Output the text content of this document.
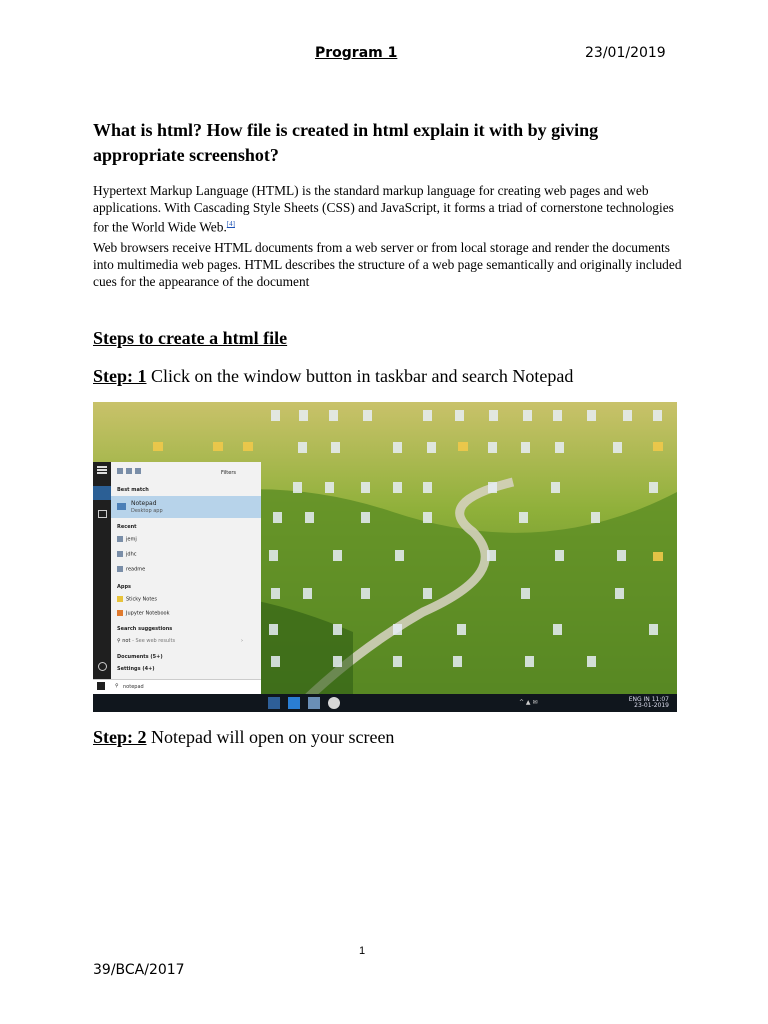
Program 1	23/01/2019
What is html? How file is created in html explain it with by giving appropriate screenshot?
Hypertext Markup Language (HTML) is the standard markup language for creating web pages and web applications. With Cascading Style Sheets (CSS) and JavaScript, it forms a triad of cornerstone technologies for the World Wide Web.[4]
Web browsers receive HTML documents from a web server or from local storage and render the documents into multimedia web pages. HTML describes the structure of a web page semantically and originally included cues for the appearance of the document
Steps to create a html file
Step: 1 Click on the window button in taskbar and search Notepad
Filters
Best match
Notepad
Desktop app
Recent
jemj
jdhc
readme
Apps
Sticky Notes
Jupyter Notebook
Search suggestions
⚲ not - See web results	›
Documents (5+)
Settings (4+)
⚲ notepad
^ ▲ ✉	ENG IN 11:07
23-01-2019
Step: 2 Notepad will open on your screen
1
39/BCA/2017
